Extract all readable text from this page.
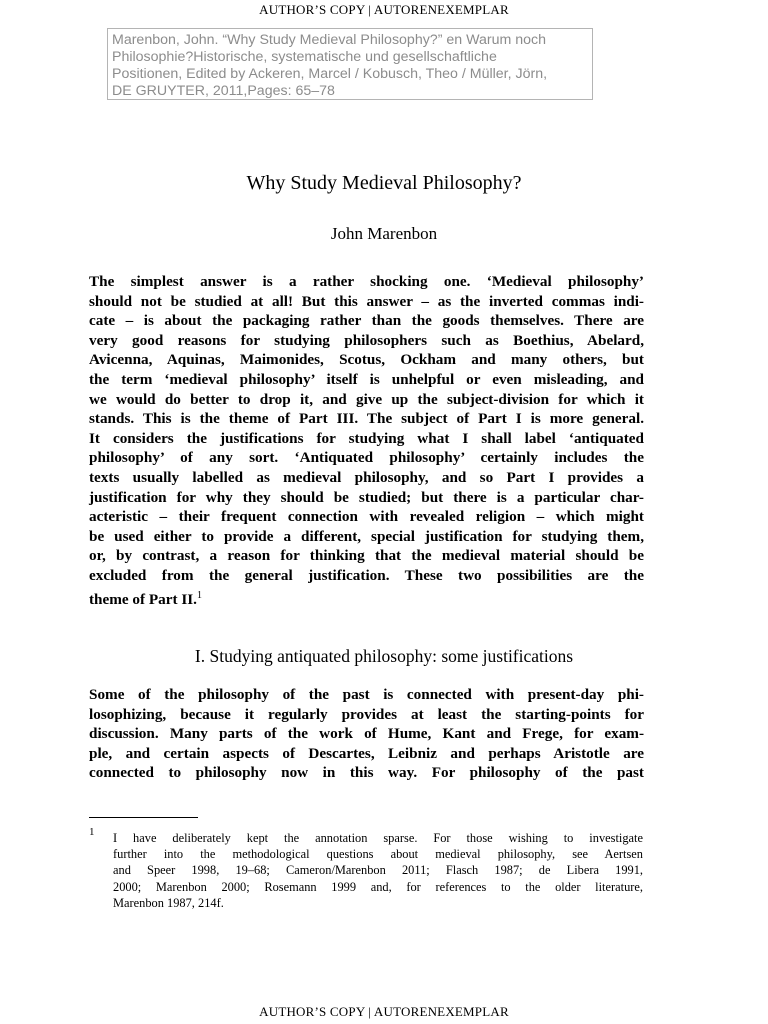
AUTHOR’S COPY | AUTORENEXEMPLAR
Marenbon, John. “Why Study Medieval Philosophy?” en Warum noch
Philosophie?Historische, systematische und gesellschaftliche
Positionen, Edited by Ackeren, Marcel / Kobusch, Theo / Müller, Jörn,
DE GRUYTER, 2011,Pages: 65–78
Why Study Medieval Philosophy?
John Marenbon
The simplest answer is a rather shocking one. ‘Medieval philosophy’
should not be studied at all! But this answer – as the inverted commas indi-
cate – is about the packaging rather than the goods themselves. There are
very good reasons for studying philosophers such as Boethius, Abelard,
Avicenna, Aquinas, Maimonides, Scotus, Ockham and many others, but
the term ‘medieval philosophy’ itself is unhelpful or even misleading, and
we would do better to drop it, and give up the subject-division for which it
stands. This is the theme of Part III. The subject of Part I is more general.
It considers the justifications for studying what I shall label ‘antiquated
philosophy’ of any sort. ‘Antiquated philosophy’ certainly includes the
texts usually labelled as medieval philosophy, and so Part I provides a
justification for why they should be studied; but there is a particular char-
acteristic – their frequent connection with revealed religion – which might
be used either to provide a different, special justification for studying them,
or, by contrast, a reason for thinking that the medieval material should be
excluded from the general justification. These two possibilities are the
theme of Part II.$^1$
I. Studying antiquated philosophy: some justifications
Some of the philosophy of the past is connected with present-day phi-
losophizing, because it regularly provides at least the starting-points for
discussion. Many parts of the work of Hume, Kant and Frege, for exam-
ple, and certain aspects of Descartes, Leibniz and perhaps Aristotle are
connected to philosophy now in this way. For philosophy of the past
1 I have deliberately kept the annotation sparse. For those wishing to investigate
further into the methodological questions about medieval philosophy, see Aertsen
and Speer 1998, 19–68; Cameron/Marenbon 2011; Flasch 1987; de Libera 1991,
2000; Marenbon 2000; Rosemann 1999 and, for references to the older literature,
Marenbon 1987, 214f.
AUTHOR’S COPY | AUTORENEXEMPLAR
